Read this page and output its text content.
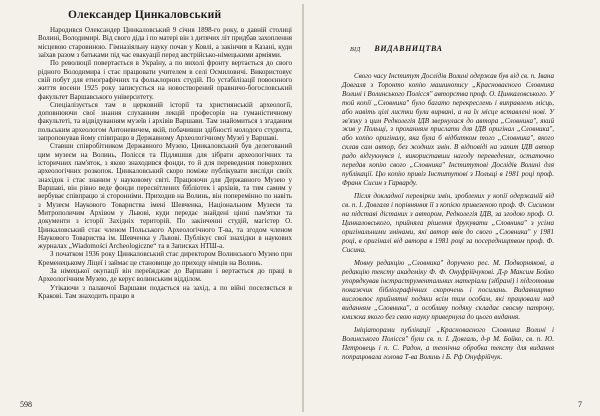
Олександер Цинкаловський

Народився Олександер Цинкаловський 9 січня 1898-го року, в давній столиці Волині, Володимирі. Від свого діда і по матері він з дитячих літ придбав захоплення місцевою старовиною. Гімназіяльну науку почав у Ковлі, а закінчив в Казані, куди заїхав разом з батьками під час евакуації перед австрійсько-німецькими арміями.

По революції повертається в Україну, а по вихолі фронту вертається до свого рідного Володимира і стає працювати учителем в селі Осмиловичі. Використовує свій побут для етнографічних та фольклорних студій. По устабілізації повоєнного життя восени 1925 року записується на новостворений правничо-богословський факультет Варшавського університету.

Спеціалізується там в церковній історії та християнській археології, доповнюючи свої знання слуханням лекцій професорів на гуманістичному факультеті, та відвідуванням музеїв і архівів Варшави. Там знайомиться з згаданим польським археологом Антоневичем, якій, побачивши здібності молодого студента, запропонував йому співпрацю в Державному Археологічному Музеї у Варшаві.

Ставши співробітником Державного Музею, Цинкаловський був делегований цим музеєм на Волинь, Полісся та Підляшшя для зібрати археологічних та історичних пам'яток, з якою знаходився фонди, то й для переведення поверхових археологічних розкопок. Цинкаловський скоро поміже публікувати висліди своїх знахідок і стає знаним у науковому світі. Працюючи для Державного Музею у Варшаві, він рівно веде фонди пересвітлених бібліотек і архівів, та тим самим у вербуває співпрацю зі сторонніми. Приходив на Волинь, він поперемінно по навіть з Музеєм Наукового Товариства імені Шевченка, Національним Музеєм та Митрополичим Архівом у Львові, куди передає знайдені цінні пам'ятки та документи з історії Західніх територій. По закінченні студій, магістер О. Цинкаловський стає членом Польського Археологічного Т-ва, та згодом членом Наукового Товариства ім. Шевченка у Львові. Публікує свої знахідки в наукових журналах „Wiadomości Archeologiczne“ та в Записках НТШ-а.

З початком 1936 року Цинкаловський стає директором Волинського Музею при Кременецькому Ліцеї і займає це становище до приходу німців на Волинь.

За німецької окупації він переїжджає до Варшави і вертається до праці в Археологічним Музею, де керує волинським відділом.

Утікаючи з палаючої Варшави подається на захід, а по війні поселяється в Кракові. Там знаходить працю в

598
ВІД ВИДАВНИЦТВА

Свого часу Інститут Дослідів Волині одержав був від св. п. Івана Довгаля з Торонто копію машинопису „Красноваєного Словника Волині і Волинського Полісся" авторства проф. О. Цинкаловського. У той копії „Словника" було багато перекреслень і виправлень місць, або навіть цілі листки були вирвані, а на їх місце вставлені нові. У зв'язку з цим Редколегія ІДВ звернулася до автора „Словника", який жив у Польщі, з проханням прислати для ІДВ оригінал „Словника", або копію оригіналу, яка була б відбитком того „Словника", якого склав сам автор, без жодних змін. В відповіді на запит ІДВ автор радо відгукнувся і, використавши нагоду переведених, остаточно передав копію свого „Словника" Інститутові Дослідів Волині для публікації. Цю копію привіз Інститутові з Польщі в 1981 році проф. Франк Сисин з Гарварду.

Після докладної перевірки змін, зроблених у копії одержаній від св. п. І. Довгаля і порівняння її з копією привезеною проф. Ф. Сисином на підставі дістаних з автором, Редколегія ІДВ, за згодою проф. О. Цинкаловського, прийняла рішення друкувати „Словника" з усіма оригінальними змінами, які автор ввів до свого „Словника" у 1981 році, в оригіналі від автора в 1981 році за посередництвом проф. Ф. Сисина.

Мовну редакцію „Словника" доручено реє. М. Подворнякові, а редакцію тексту академіку Ф. Ф. Онуфрійчукові. Д-р Максим Бойко упорядкував інстраструментальних матеріали (зібрані) і підготовив покажчик бібліографічних скорочень і посилань. Видавництво висловлює прийнятні подяки всім тим особам, які працювали над виданням „Словника", а особливу подяку складає своєму патрону, книжка якого без свою науку привернула до цього видання.

Ініціаторами публікації „Красноваєного Словника Волині і Волинського Полісся" були св. п. І. Довгаль, д-р М. Бойко, св. п. Ю. Петровець і п. С. Радон, а технічна обробка тексту для видання попрацювала голова Т-ва Волинь і Б. Рф Онуфрійчук.

7
